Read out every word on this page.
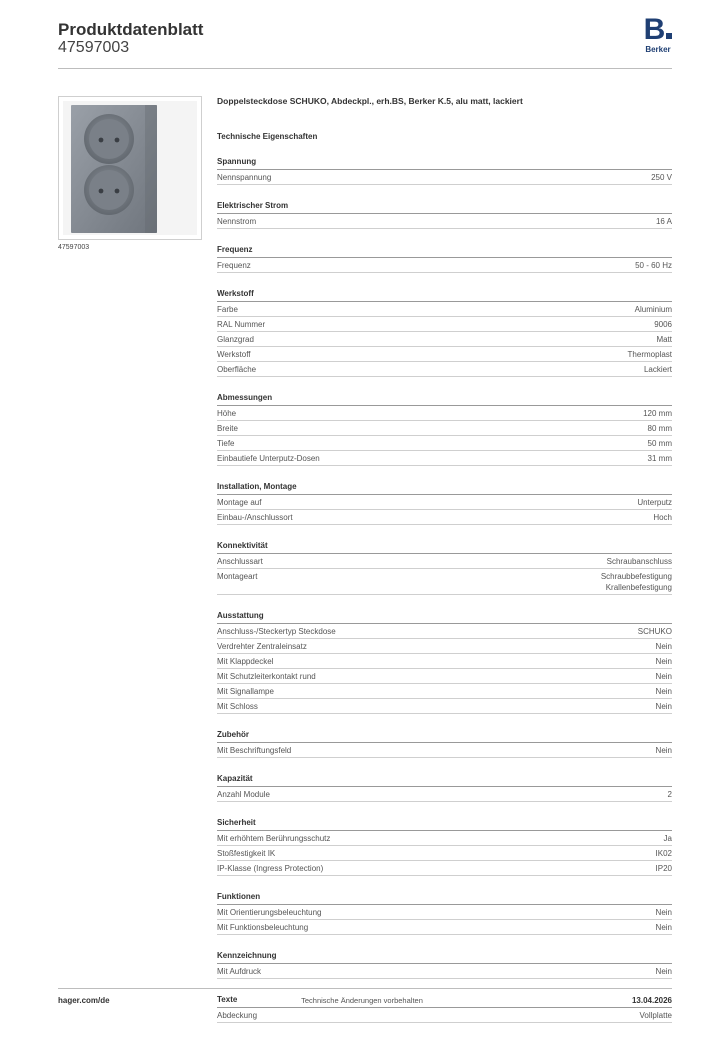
Produktdatenblatt
47597003
B
Berker
47597003
Doppelsteckdose SCHUKO, Abdeckpl., erh.BS, Berker K.5, alu matt, lackiert
Technische Eigenschaften
Spannung
Nennspannung	250 V
Elektrischer Strom
Nennstrom	16 A
Frequenz
Frequenz	50 - 60 Hz
Werkstoff
Farbe	Aluminium
RAL Nummer	9006
Glanzgrad	Matt
Werkstoff	Thermoplast
Oberfläche	Lackiert
Abmessungen
Höhe	120 mm
Breite	80 mm
Tiefe	50 mm
Einbautiefe Unterputz-Dosen	31 mm
Installation, Montage
Montage auf	Unterputz
Einbau-/Anschlussort	Hoch
Konnektivität
Anschlussart	Schraubanschluss
Montageart	Schraubbefestigung
Krallenbefestigung
Ausstattung
Anschluss-/Steckertyp Steckdose	SCHUKO
Verdrehter Zentraleinsatz	Nein
Mit Klappdeckel	Nein
Mit Schutzleiterkontakt rund	Nein
Mit Signallampe	Nein
Mit Schloss	Nein
Zubehör
Mit Beschriftungsfeld	Nein
Kapazität
Anzahl Module	2
Sicherheit
Mit erhöhtem Berührungsschutz	Ja
Stoßfestigkeit IK	IK02
IP-Klasse (Ingress Protection)	IP20
Funktionen
Mit Orientierungsbeleuchtung	Nein
Mit Funktionsbeleuchtung	Nein
Kennzeichnung
Mit Aufdruck	Nein
Texte
Abdeckung	Vollplatte
hager.com/de	Technische Änderungen vorbehalten	13.04.2026
